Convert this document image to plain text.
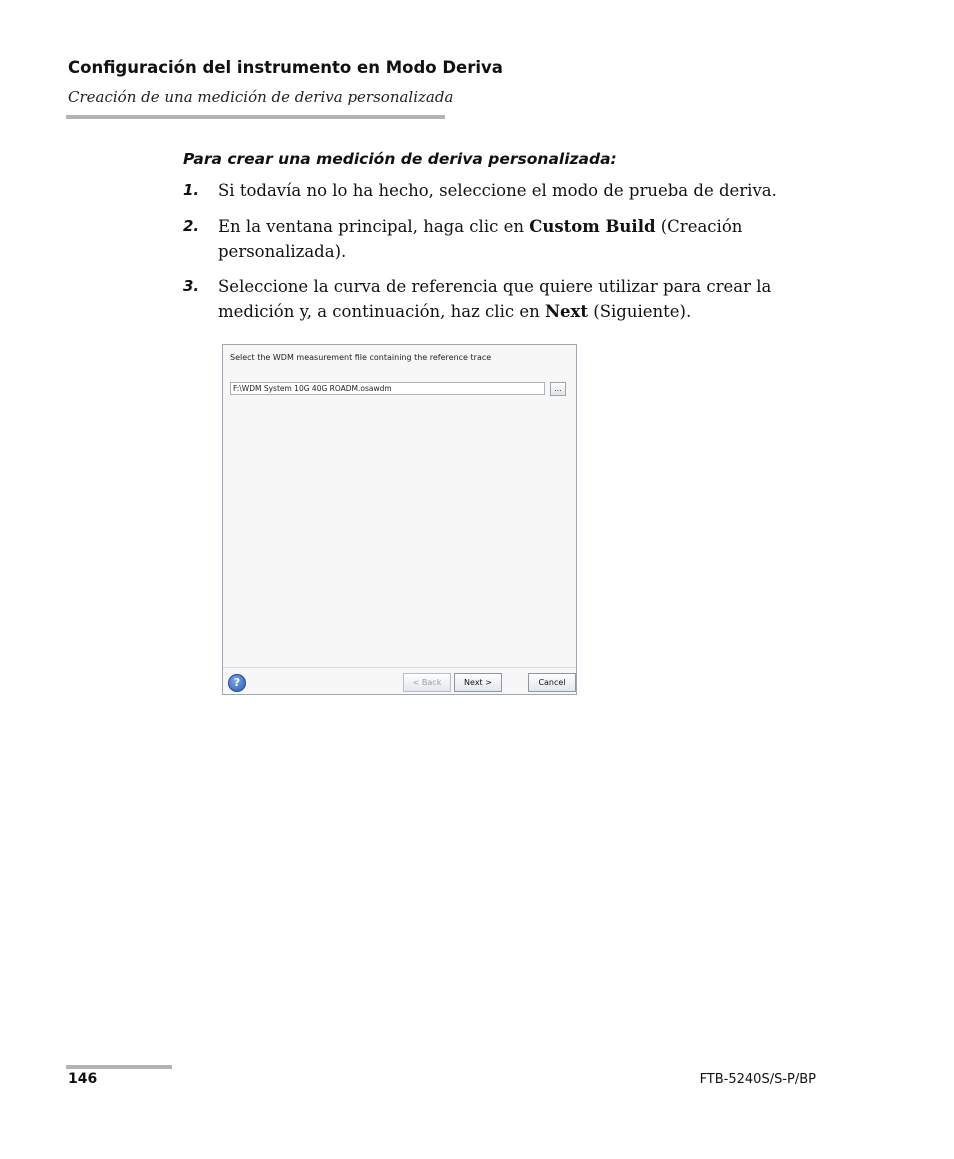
Configuración del instrumento en Modo Deriva
Creación de una medición de deriva personalizada
Para crear una medición de deriva personalizada:
1. Si todavía no lo ha hecho, seleccione el modo de prueba de deriva.
2. En la ventana principal, haga clic en Custom Build (Creación personalizada).
3. Seleccione la curva de referencia que quiere utilizar para crear la medición y, a continuación, haz clic en Next (Siguiente).
Select the WDM measurement file containing the reference trace
F:\WDM System 10G 40G ROADM.osawdm	...
?	< Back	Next >	Cancel
146	FTB-5240S/S-P/BP
